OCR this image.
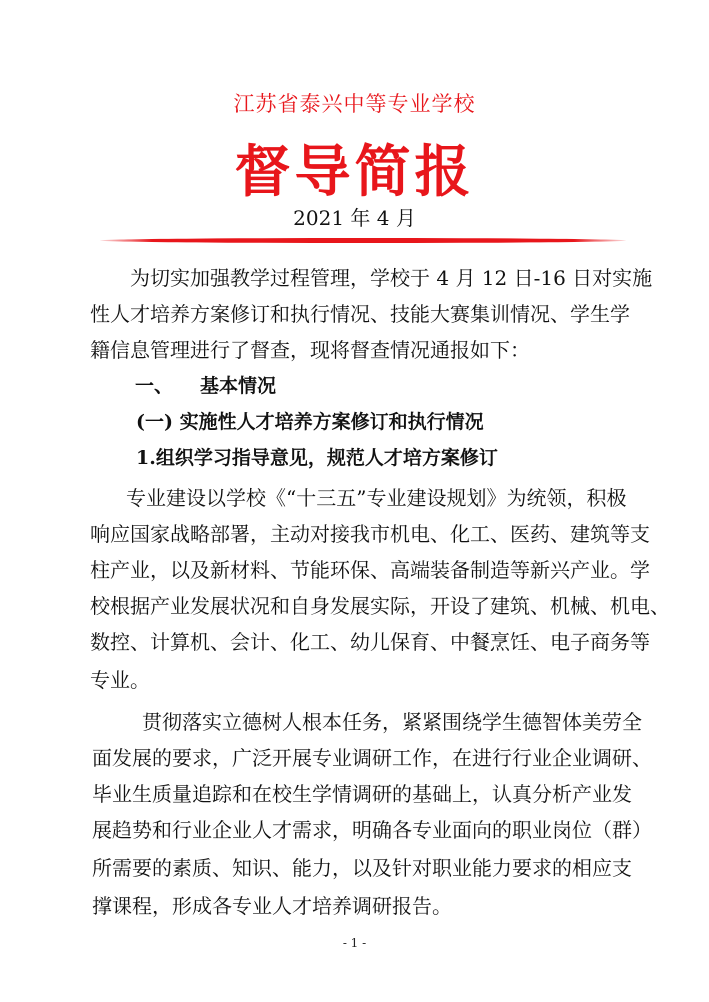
江苏省泰兴中等专业学校
督导简报
2021 年 4 月
为切实加强教学过程管理，学校于 4 月 12 日-16 日对实施
性人才培养方案修订和执行情况、技能大赛集训情况、学生学
籍信息管理进行了督查，现将督查情况通报如下：
一、 基本情况
(一) 实施性人才培养方案修订和执行情况
1.组织学习指导意见，规范人才培方案修订
专业建设以学校《“十三五”专业建设规划》为统领，积极
响应国家战略部署，主动对接我市机电、化工、医药、建筑等支
柱产业，以及新材料、节能环保、高端装备制造等新兴产业。学
校根据产业发展状况和自身发展实际，开设了建筑、机械、机电、
数控、计算机、会计、化工、幼儿保育、中餐烹饪、电子商务等
专业。
贯彻落实立德树人根本任务，紧紧围绕学生德智体美劳全
面发展的要求，广泛开展专业调研工作，在进行行业企业调研、
毕业生质量追踪和在校生学情调研的基础上，认真分析产业发
展趋势和行业企业人才需求，明确各专业面向的职业岗位（群）
所需要的素质、知识、能力，以及针对职业能力要求的相应支
撑课程，形成各专业人才培养调研报告。
- 1 -
